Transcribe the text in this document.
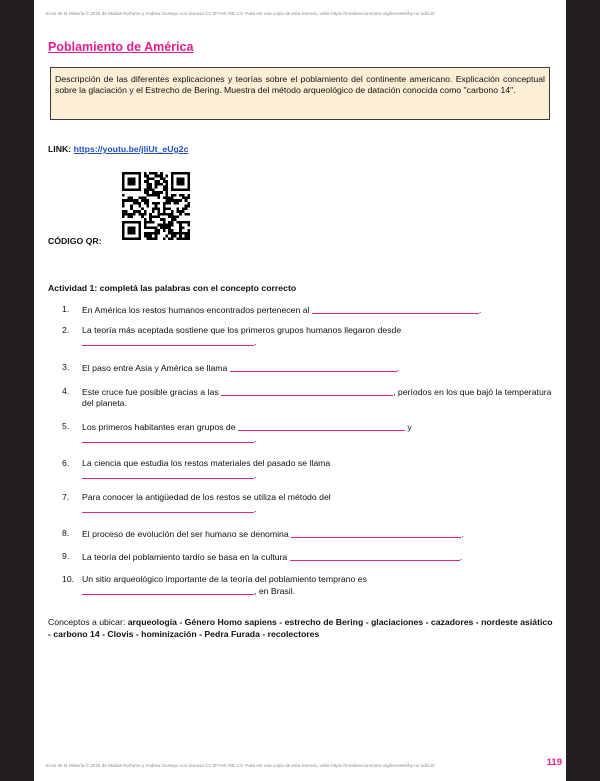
Ecos de la Historia © 2026 de Matías Perfumo y Andrea Ocampo con licencia CC BY-NC-ND 4.0. Para ver una copia de esta licencia, visite https://creativecommons.org/licenses/by-nc-nd/4.0/
Poblamiento de América
Descripción de las diferentes explicaciones y teorías sobre el poblamiento del continente americano. Explicación conceptual sobre la glaciación y el Estrecho de Bering. Muestra del método arqueológico de datación conocida como "carbono 14".
LINK: https://youtu.be/jliUt_eUg2c
CÓDIGO QR:
Actividad 1: completá las palabras con el concepto correcto
1. En América los restos humanos encontrados pertenecen al	.
2. La teoría más aceptada sostiene que los primeros grupos humanos llegaron desde
.
3. El paso entre Asia y América se llama	.
4. Este cruce fue posible gracias a las	, períodos en los que bajó la temperatura del planeta.
5. Los primeros habitantes eran grupos de	y
.
6. La ciencia que estudia los restos materiales del pasado se llama
.
7. Para conocer la antigüedad de los restos se utiliza el método del
.
8. El proceso de evolución del ser humano se denomina	.
9. La teoría del poblamiento tardío se basa en la cultura	.
10. Un sitio arqueológico importante de la teoría del poblamiento temprano es
, en Brasil.
Conceptos a ubicar: arqueología - Género Homo sapiens - estrecho de Bering - glaciaciones - cazadores - nordeste asiático - carbono 14 - Clovis - hominización - Pedra Furada - recolectores
Ecos de la Historia © 2026 de Matías Perfumo y Andrea Ocampo con licencia CC BY-NC-ND 4.0. Para ver una copia de esta licencia, visite https://creativecommons.org/licenses/by-nc-nd/4.0/	119
